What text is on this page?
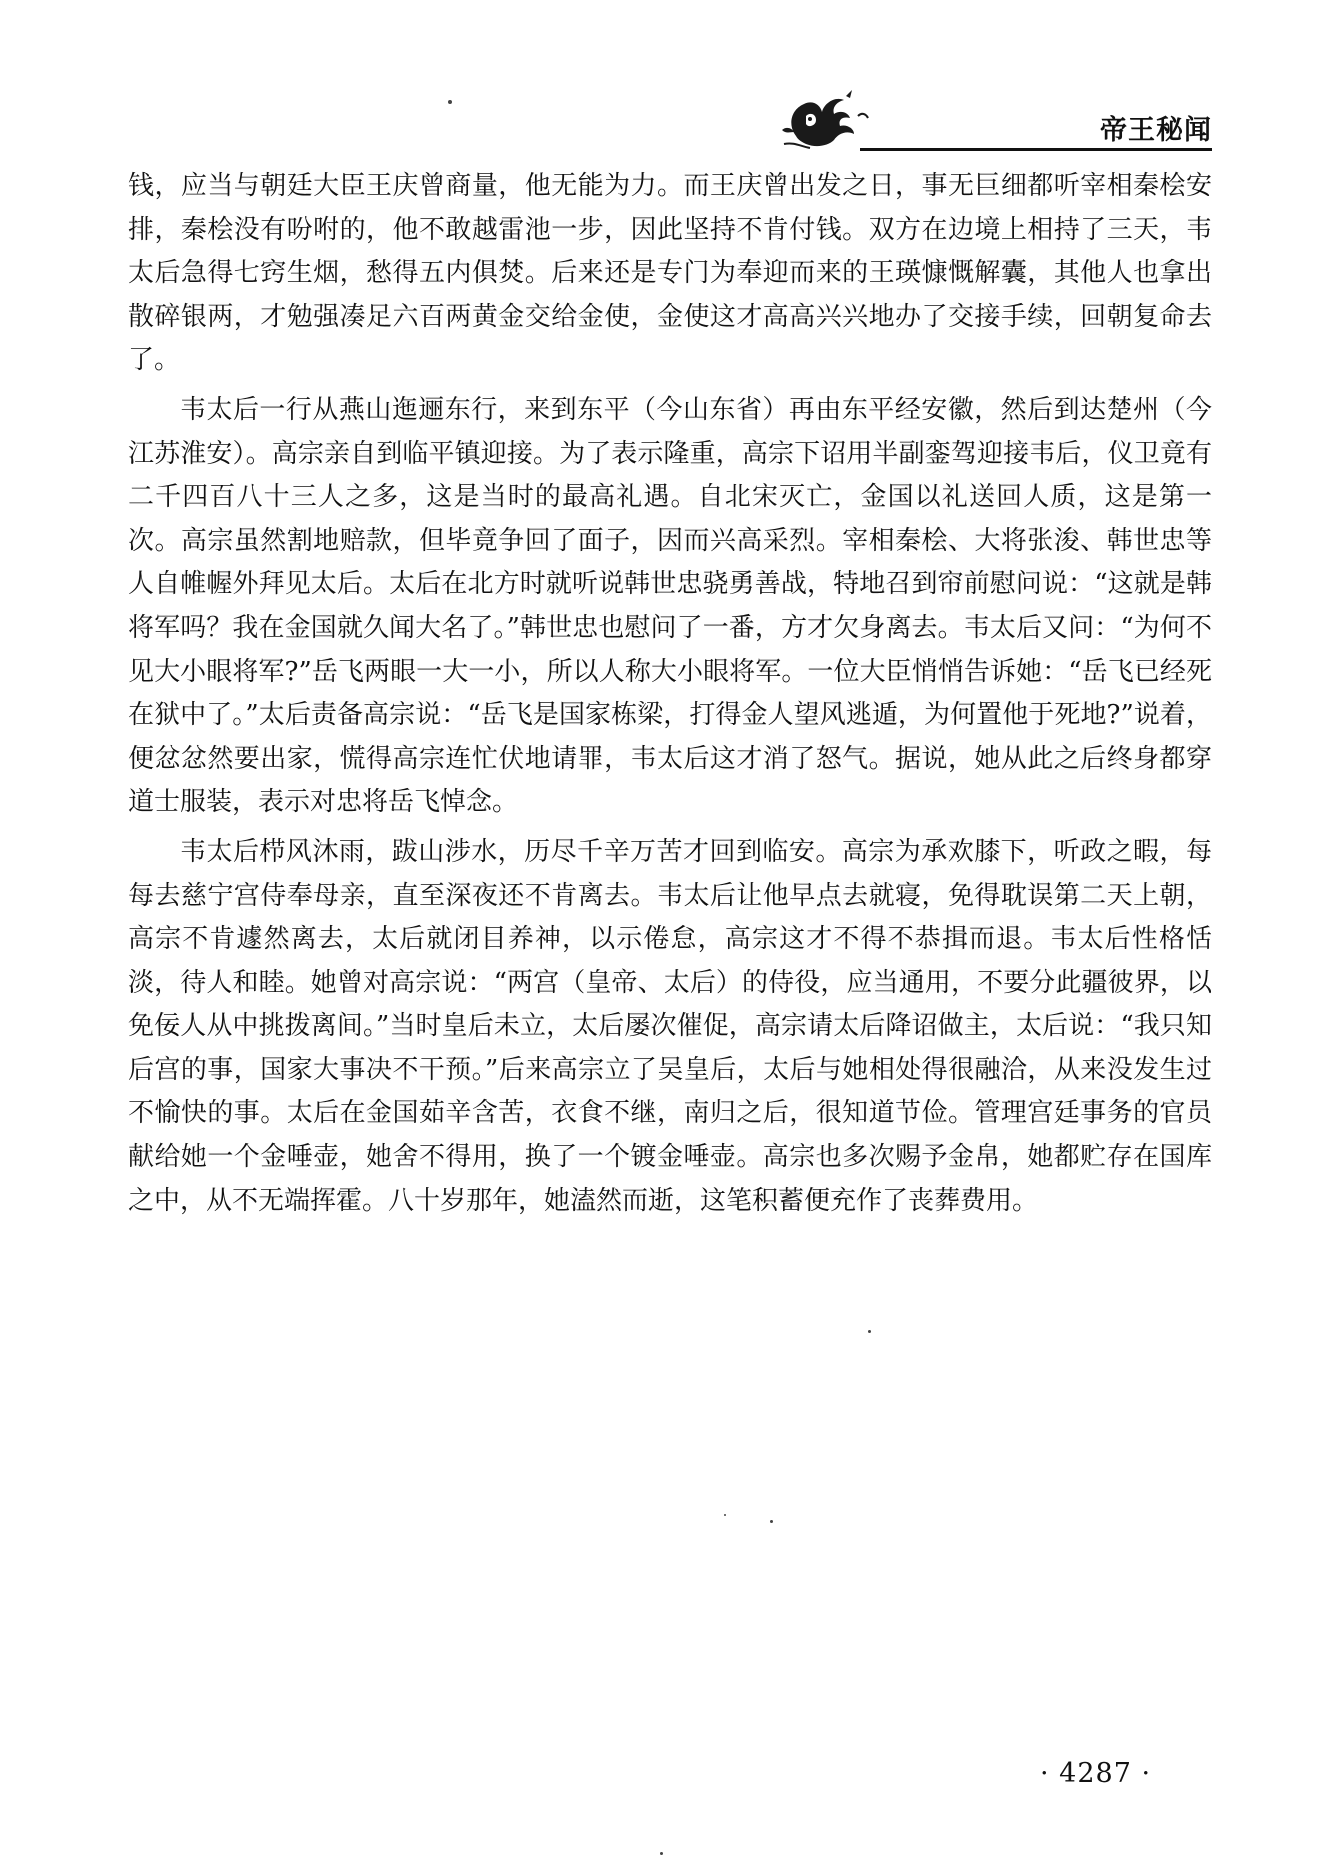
帝王秘闻

钱，应当与朝廷大臣王庆曾商量，他无能为力。而王庆曾出发之日，事无巨细都听宰相秦桧安排，秦桧没有吩咐的，他不敢越雷池一步，因此坚持不肯付钱。双方在边境上相持了三天，韦太后急得七窍生烟，愁得五内俱焚。后来还是专门为奉迎而来的王瑛慷慨解囊，其他人也拿出散碎银两，才勉强凑足六百两黄金交给金使，金使这才高高兴兴地办了交接手续，回朝复命去了。

韦太后一行从燕山迤逦东行，来到东平（今山东省）再由东平经安徽，然后到达楚州（今江苏淮安）。高宗亲自到临平镇迎接。为了表示隆重，高宗下诏用半副銮驾迎接韦后，仪卫竟有二千四百八十三人之多，这是当时的最高礼遇。自北宋灭亡，金国以礼送回人质，这是第一次。高宗虽然割地赔款，但毕竟争回了面子，因而兴高采烈。宰相秦桧、大将张浚、韩世忠等人自帷幄外拜见太后。太后在北方时就听说韩世忠骁勇善战，特地召到帘前慰问说：“这就是韩将军吗？我在金国就久闻大名了。”韩世忠也慰问了一番，方才欠身离去。韦太后又问：“为何不见大小眼将军?”岳飞两眼一大一小，所以人称大小眼将军。一位大臣悄悄告诉她：“岳飞已经死在狱中了。”太后责备高宗说：“岳飞是国家栋梁，打得金人望风逃遁，为何置他于死地?”说着，便忿忿然要出家，慌得高宗连忙伏地请罪，韦太后这才消了怒气。据说，她从此之后终身都穿道士服装，表示对忠将岳飞悼念。

韦太后栉风沐雨，跋山涉水，历尽千辛万苦才回到临安。高宗为承欢膝下，听政之暇，每每去慈宁宫侍奉母亲，直至深夜还不肯离去。韦太后让他早点去就寝，免得耽误第二天上朝，高宗不肯遽然离去，太后就闭目养神，以示倦怠，高宗这才不得不恭揖而退。韦太后性格恬淡，待人和睦。她曾对高宗说：“两宫（皇帝、太后）的侍役，应当通用，不要分此疆彼界，以免佞人从中挑拨离间。”当时皇后未立，太后屡次催促，高宗请太后降诏做主，太后说：“我只知后宫的事，国家大事决不干预。”后来高宗立了吴皇后，太后与她相处得很融洽，从来没发生过不愉快的事。太后在金国茹辛含苦，衣食不继，南归之后，很知道节俭。管理宫廷事务的官员献给她一个金唾壶，她舍不得用，换了一个镀金唾壶。高宗也多次赐予金帛，她都贮存在国库之中，从不无端挥霍。八十岁那年，她溘然而逝，这笔积蓄便充作了丧葬费用。

· 4287 ·
